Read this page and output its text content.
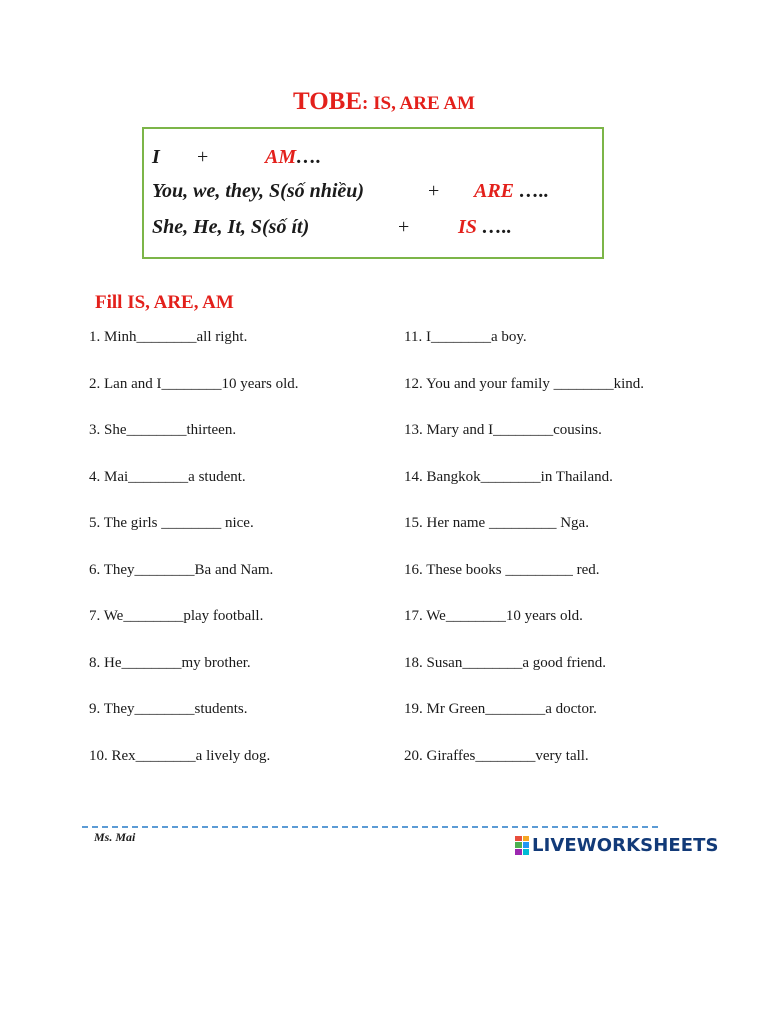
TOBE: IS, ARE AM
I +	AM….
You, we, they, S(số nhiều)	+ ARE …..
She, He, It, S(số ít)	+ IS …..
Fill IS, ARE, AM
1. Minh________all right.
2. Lan and I________10 years old.
3. She________thirteen.
4. Mai________a student.
5. The girls ________ nice.
6. They________Ba and Nam.
7. We________play football.
8. He________my brother.
9. They________students.
10. Rex________a lively dog.
11. I________a boy.
12. You and your family ________kind.
13. Mary and I________cousins.
14. Bangkok________in Thailand.
15. Her name _________ Nga.
16. These books _________ red.
17. We________10 years old.
18. Susan________a good friend.
19. Mr Green________a doctor.
20. Giraffes________very tall.
Ms. Mai	LIVEWORKSHEETS
